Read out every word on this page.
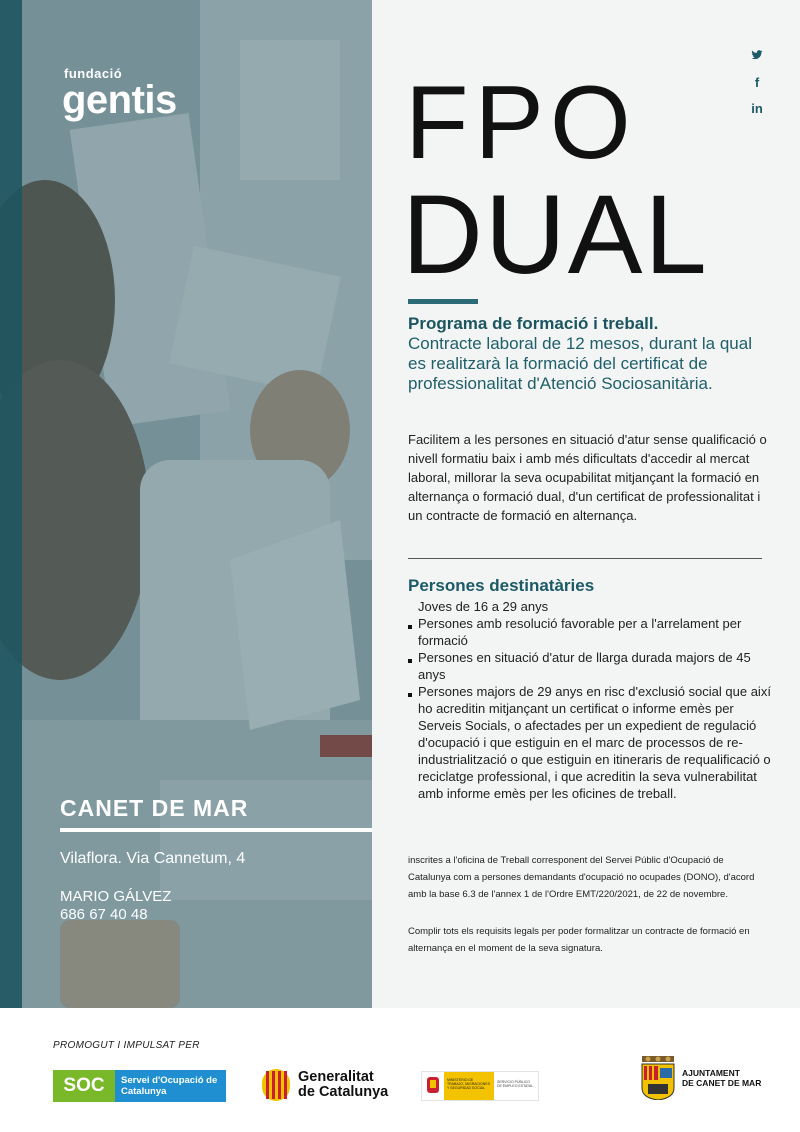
fundació
gentis
CANET DE MAR
Vilaflora. Via Cannetum, 4
MARIO GÁLVEZ
686 67 40 48
f
in
FPO
DUAL
Programa de formació i treball.
Contracte laboral de 12 mesos, durant la qual es realitzarà la formació del certificat de professionalitat d'Atenció Sociosanitària.
Facilitem a les persones en situació d'atur sense qualificació o nivell formatiu baix i amb més dificultats d'accedir al mercat laboral, millorar la seva ocupabilitat mitjançant la formació en alternança o formació dual, d'un certificat de professionalitat i un contracte de formació en alternança.
Persones destinatàries
Joves de 16 a 29 anys
Persones amb resolució favorable per a l'arrelament per formació
Persones en situació d'atur de llarga durada majors de 45 anys
Persones majors de 29 anys en risc d'exclusió social que així ho acreditin mitjançant un certificat o informe emès per Serveis Socials, o afectades per un expedient de regulació d'ocupació i que estiguin en el marc de processos de re-industrialització o que estiguin en itineraris de requalificació o reciclatge professional, i que acreditin la seva vulnerabilitat amb informe emès per les oficines de treball.
inscrites a l'oficina de Treball corresponent del Servei Públic d'Ocupació de Catalunya com a persones demandants d'ocupació no ocupades (DONO), d'acord amb la base 6.3 de l'annex 1 de l'Ordre EMT/220/2021, de 22 de novembre.
Complir tots els requisits legals per poder formalitzar un contracte de formació en alternança en el moment de la seva signatura.
PROMOGUT I IMPULSAT PER
SOC	Servei d'Ocupació de Catalunya
Generalitat
de Catalunya
MINISTERIO DE TRABAJO, MIGRACIONES Y SEGURIDAD SOCIAL
SERVICIO PÚBLICO DE EMPLEO ESTATAL
AJUNTAMENT
DE CANET DE MAR
